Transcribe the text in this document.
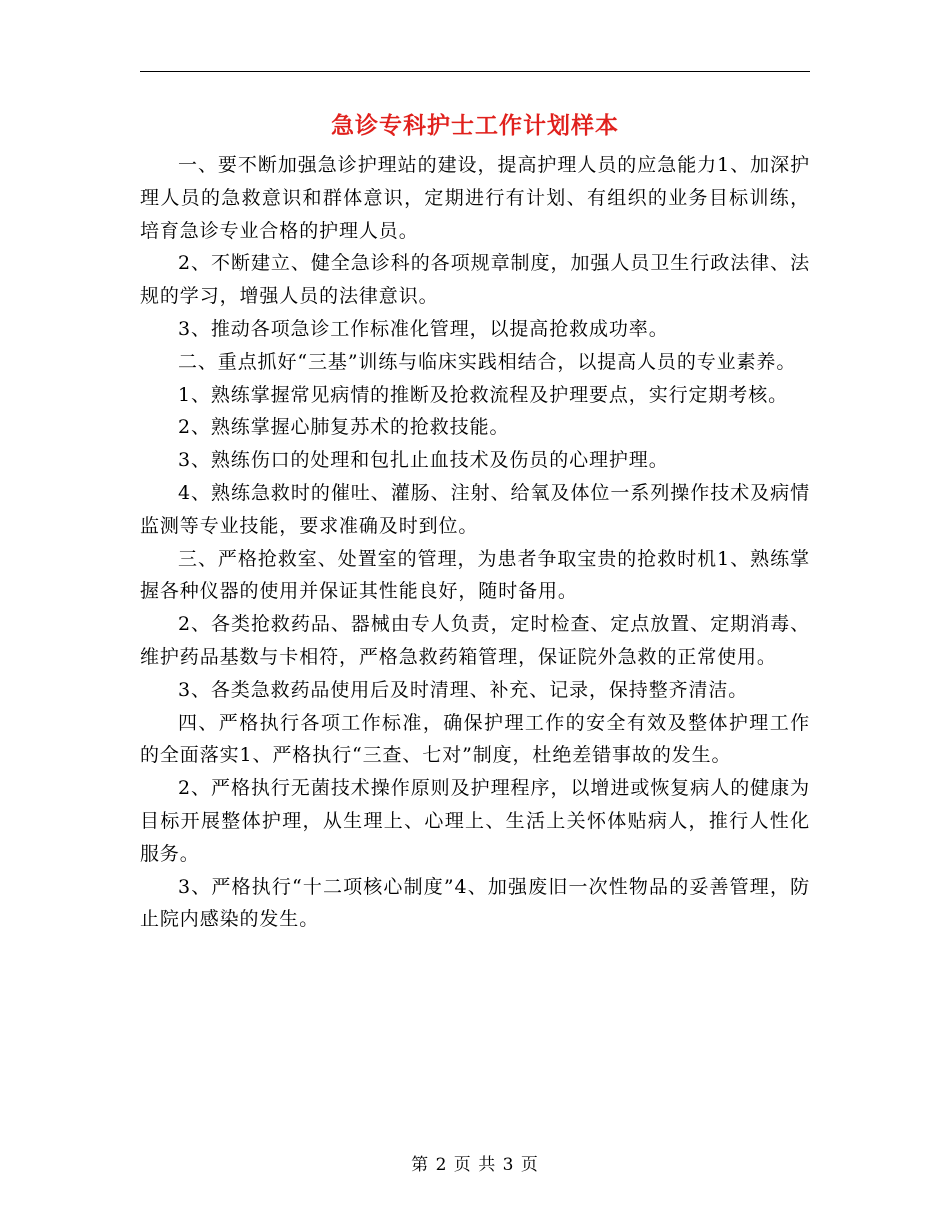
急诊专科护士工作计划样本

一、要不断加强急诊护理站的建设，提高护理人员的应急能力1、加深护理人员的急救意识和群体意识，定期进行有计划、有组织的业务目标训练，培育急诊专业合格的护理人员。

2、不断建立、健全急诊科的各项规章制度，加强人员卫生行政法律、法规的学习，增强人员的法律意识。

3、推动各项急诊工作标准化管理，以提高抢救成功率。

二、重点抓好“三基”训练与临床实践相结合，以提高人员的专业素养。

1、熟练掌握常见病情的推断及抢救流程及护理要点，实行定期考核。

2、熟练掌握心肺复苏术的抢救技能。

3、熟练伤口的处理和包扎止血技术及伤员的心理护理。

4、熟练急救时的催吐、灌肠、注射、给氧及体位一系列操作技术及病情监测等专业技能，要求准确及时到位。

三、严格抢救室、处置室的管理，为患者争取宝贵的抢救时机1、熟练掌握各种仪器的使用并保证其性能良好，随时备用。

2、各类抢救药品、器械由专人负责，定时检查、定点放置、定期消毒、维护药品基数与卡相符，严格急救药箱管理，保证院外急救的正常使用。

3、各类急救药品使用后及时清理、补充、记录，保持整齐清洁。

四、严格执行各项工作标准，确保护理工作的安全有效及整体护理工作的全面落实1、严格执行“三查、七对”制度，杜绝差错事故的发生。

2、严格执行无菌技术操作原则及护理程序，以增进或恢复病人的健康为目标开展整体护理，从生理上、心理上、生活上关怀体贴病人，推行人性化服务。

3、严格执行“十二项核心制度”4、加强废旧一次性物品的妥善管理，防止院内感染的发生。

第 2 页 共 3 页
